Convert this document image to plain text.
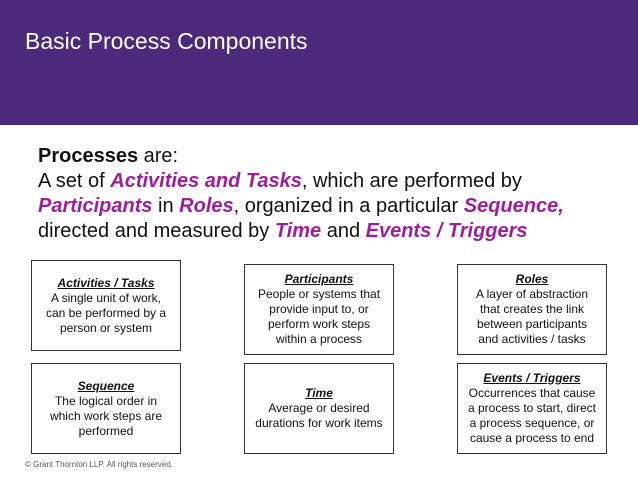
Basic Process Components
Processes are:
A set of Activities and Tasks, which are performed by
Participants in Roles, organized in a particular Sequence,
directed and measured by Time and Events / Triggers
Activities / Tasks
A single unit of work,
can be performed by a
person or system
Participants
People or systems that
provide input to, or
perform work steps
within a process
Roles
A layer of abstraction
that creates the link
between participants
and activities / tasks
Sequence
The logical order in
which work steps are
performed
Time
Average or desired
durations for work items
Events / Triggers
Occurrences that cause
a process to start, direct
a process sequence, or
cause a process to end
© Grant Thornton LLP. All rights reserved.
